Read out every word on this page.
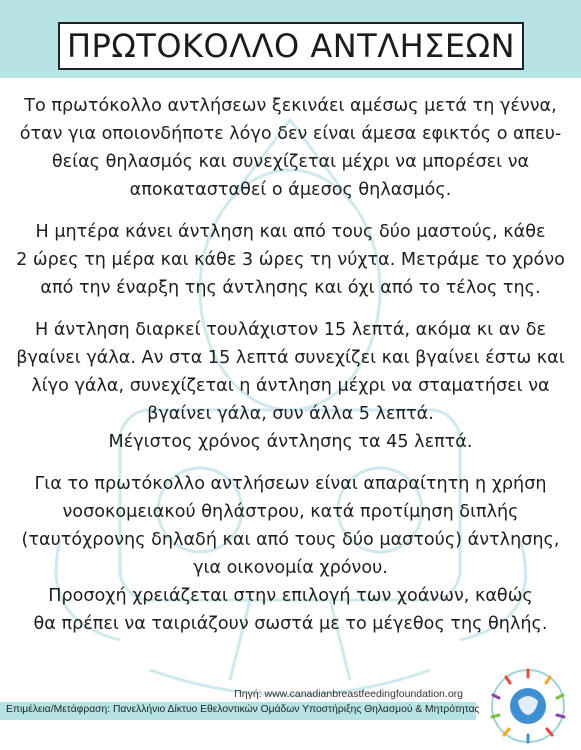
ΠΡΩΤΟΚΟΛΛΟ ΑΝΤΛΗΣΕΩΝ
Το πρωτόκολλο αντλήσεων ξεκινάει αμέσως μετά τη γέννα,
όταν για οποιονδήποτε λόγο δεν είναι άμεσα εφικτός ο απευ-
θείας θηλασμός και συνεχίζεται μέχρι να μπορέσει να
αποκατασταθεί ο άμεσος θηλασμός.
Η μητέρα κάνει άντληση και από τους δύο μαστούς, κάθε
2 ώρες τη μέρα και κάθε 3 ώρες τη νύχτα. Μετράμε το χρόνο
από την έναρξη της άντλησης και όχι από το τέλος της.
Η άντληση διαρκεί τουλάχιστον 15 λεπτά, ακόμα κι αν δε
βγαίνει γάλα. Αν στα 15 λεπτά συνεχίζει και βγαίνει έστω και
λίγο γάλα, συνεχίζεται η άντληση μέχρι να σταματήσει να
βγαίνει γάλα, συν άλλα 5 λεπτά.
Μέγιστος χρόνος άντλησης τα 45 λεπτά.
Για το πρωτόκολλο αντλήσεων είναι απαραίτητη η χρήση
νοσοκομειακού θηλάστρου, κατά προτίμηση διπλής
(ταυτόχρονης δηλαδή και από τους δύο μαστούς) άντλησης,
για οικονομία χρόνου.
Προσοχή χρειάζεται στην επιλογή των χοάνων, καθώς
θα πρέπει να ταιριάζουν σωστά με το μέγεθος της θηλής.
Πηγή: www.canadianbreastfeedingfoundation.org
Επιμέλεια/Μετάφραση: Πανελλήνιο Δίκτυο Εθελοντικών Ομάδων Υποστήριξης Θηλασμού & Μητρότητας
